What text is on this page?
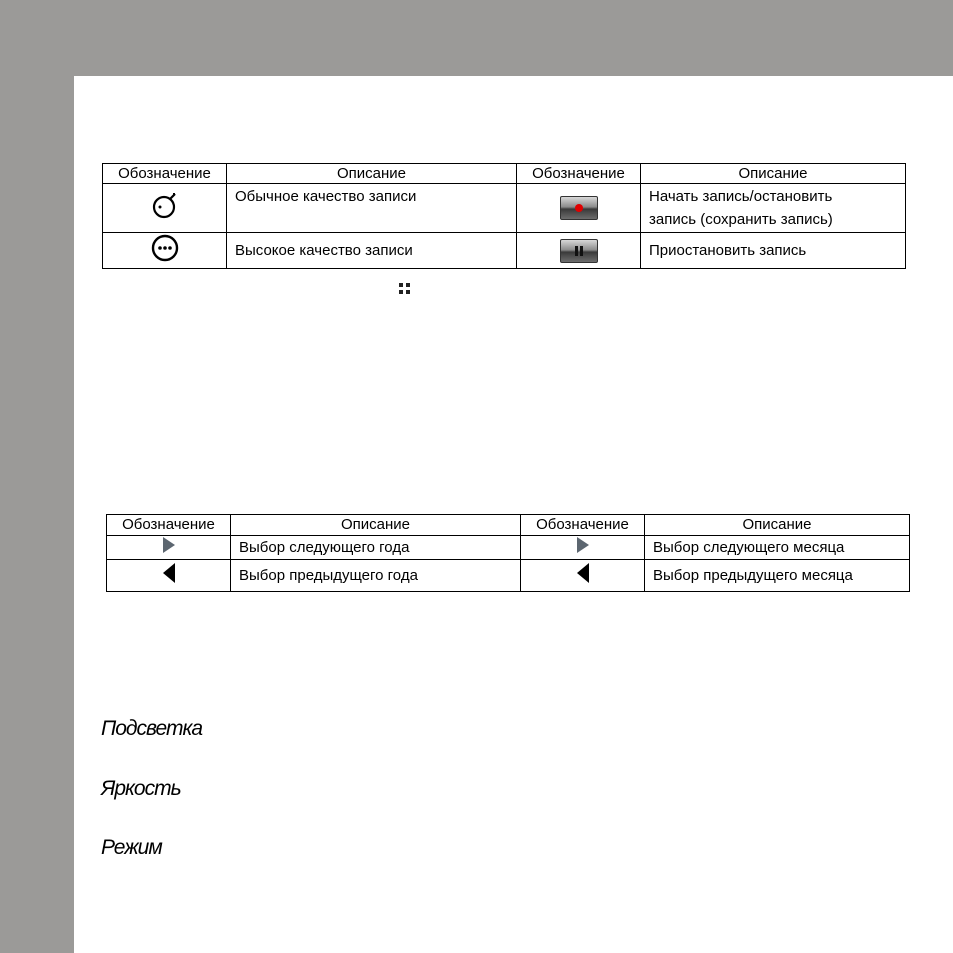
Обозначение	Описание	Обозначение	Описание
	Обычное качество записи		Начать запись/остановить
запись (сохранить запись)

	Высокое качество записи		Приостановить запись
Обозначение	Описание	Обозначение	Описание
	Выбор следующего года		Выбор следующего месяца
	Выбор предыдущего года		Выбор предыдущего месяца
Подсветка
Яркость
Режим
